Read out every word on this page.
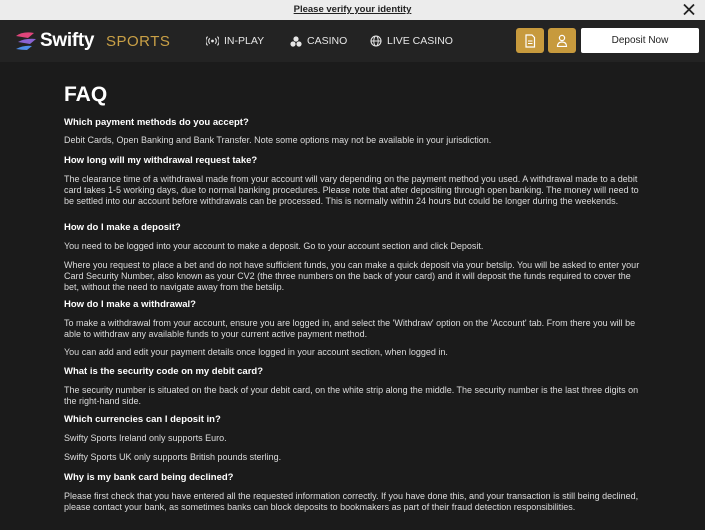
Please verify your identity
Swifty SPORTS	IN-PLAY	CASINO	LIVE CASINO	Deposit Now
FAQ
Which payment methods do you accept?
Debit Cards, Open Banking and Bank Transfer. Note some options may not be available in your jurisdiction.
How long will my withdrawal request take?
The clearance time of a withdrawal made from your account will vary depending on the payment method you used. A withdrawal made to a debit card takes 1-5 working days, due to normal banking procedures. Please note that after depositing through open banking. The money will need to be settled into our account before withdrawals can be processed. This is normally within 24 hours but could be longer during the weekends.
How do I make a deposit?
You need to be logged into your account to make a deposit. Go to your account section and click Deposit.
Where you request to place a bet and do not have sufficient funds, you can make a quick deposit via your betslip. You will be asked to enter your Card Security Number, also known as your CV2 (the three numbers on the back of your card) and it will deposit the funds required to cover the bet, without the need to navigate away from the betslip.
How do I make a withdrawal?
To make a withdrawal from your account, ensure you are logged in, and select the 'Withdraw' option on the 'Account' tab. From there you will be able to withdraw any available funds to your current active payment method.
You can add and edit your payment details once logged in your account section, when logged in.
What is the security code on my debit card?
The security number is situated on the back of your debit card, on the white strip along the middle. The security number is the last three digits on the right-hand side.
Which currencies can I deposit in?
Swifty Sports Ireland only supports Euro.
Swifty Sports UK only supports British pounds sterling.
Why is my bank card being declined?
Please first check that you have entered all the requested information correctly. If you have done this, and your transaction is still being declined, please contact your bank, as sometimes banks can block deposits to bookmakers as part of their fraud detection responsibilities.
